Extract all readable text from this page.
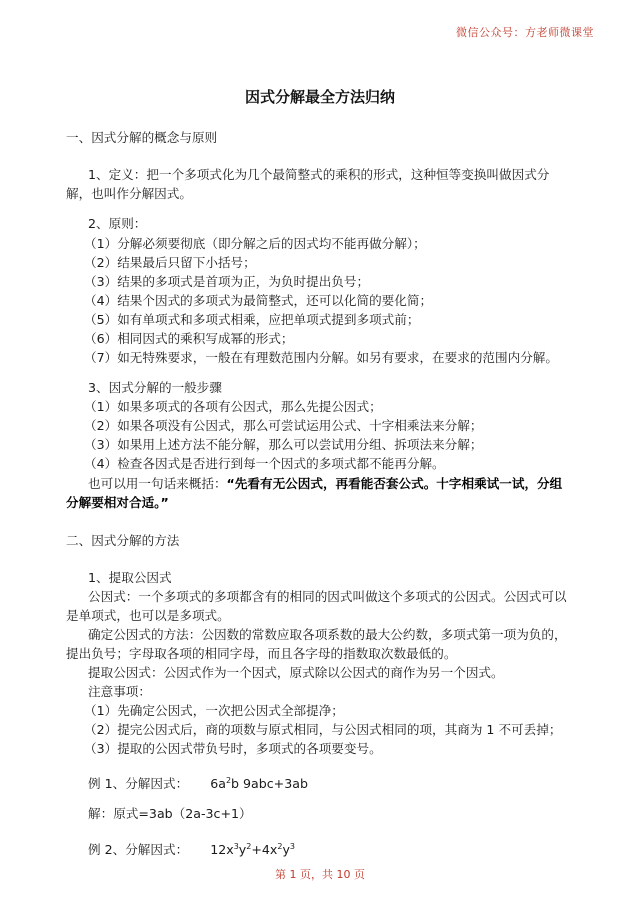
微信公众号：方老师微课堂
因式分解最全方法归纳
一、因式分解的概念与原则
1、定义：把一个多项式化为几个最简整式的乘积的形式，这种恒等变换叫做因式分
解，也叫作分解因式。
2、原则：
（1）分解必须要彻底（即分解之后的因式均不能再做分解）；
（2）结果最后只留下小括号；
（3）结果的多项式是首项为正，为负时提出负号；
（4）结果个因式的多项式为最简整式，还可以化简的要化简；
（5）如有单项式和多项式相乘，应把单项式提到多项式前；
（6）相同因式的乘积写成幂的形式；
（7）如无特殊要求，一般在有理数范围内分解。如另有要求，在要求的范围内分解。
3、因式分解的一般步骤
（1）如果多项式的各项有公因式，那么先提公因式；
（2）如果各项没有公因式，那么可尝试运用公式、十字相乘法来分解；
（3）如果用上述方法不能分解，那么可以尝试用分组、拆项法来分解；
（4）检查各因式是否进行到每一个因式的多项式都不能再分解。
也可以用一句话来概括：“先看有无公因式，再看能否套公式。十字相乘试一试，分组
分解要相对合适。”
二、因式分解的方法
1、提取公因式
公因式：一个多项式的多项都含有的相同的因式叫做这个多项式的公因式。公因式可以
是单项式，也可以是多项式。
确定公因式的方法：公因数的常数应取各项系数的最大公约数，多项式第一项为负的，
提出负号；字母取各项的相同字母，而且各字母的指数取次数最低的。
提取公因式：公因式作为一个因式，原式除以公因式的商作为另一个因式。
注意事项：
（1）先确定公因式，一次把公因式全部提净；
（2）提完公因式后，商的项数与原式相同，与公因式相同的项，其商为 1 不可丢掉；
（3）提取的公因式带负号时，多项式的各项要变号。
例 1、分解因式： $6a^2b$ 9abc+3ab
解：原式=3ab（2a-3c+1）
例 2、分解因式： $12x^3y^2+4x^2y^3$
第 1 页，共 10 页
